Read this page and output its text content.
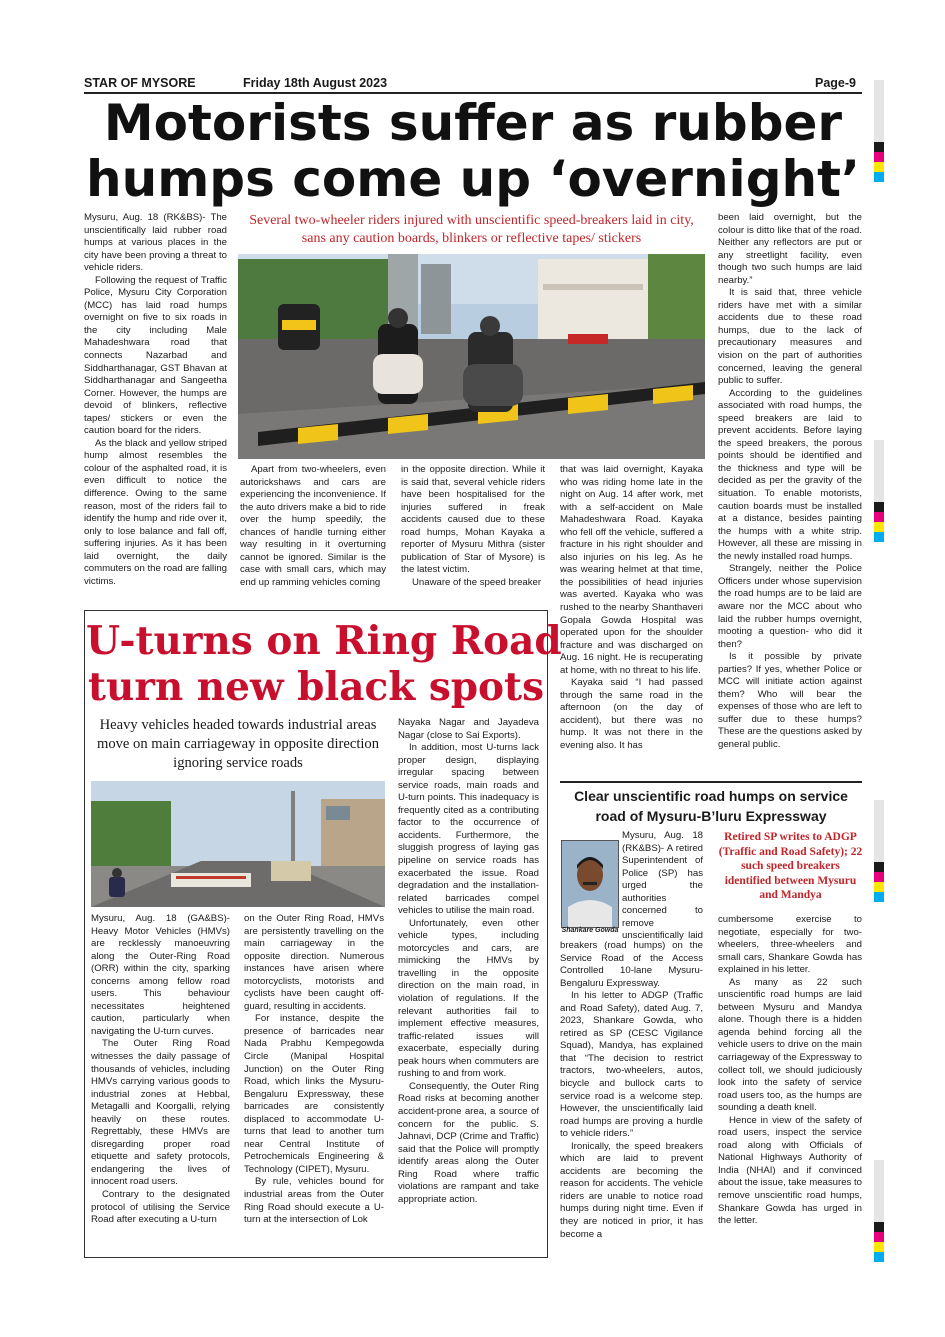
STAR OF MYSORE	Friday 18th August 2023	Page-9
Motorists suffer as rubber
humps come up ‘overnight’

Mysuru, Aug. 18 (RK&BS)- The unscientifically laid rubber road humps at various places in the city have been proving a threat to vehicle riders.

Following the request of Traffic Police, Mysuru City Corporation (MCC) has laid road humps overnight on five to six roads in the city including Male Mahadeshwara road that connects Nazarbad and Siddharthanagar, GST Bhavan at Siddharthanagar and Sangeetha Corner. However, the humps are devoid of blinkers, reflective tapes/ stickers or even the caution board for the riders.

As the black and yellow striped hump almost resembles the colour of the asphalted road, it is even difficult to notice the difference. Owing to the same reason, most of the riders fail to identify the hump and ride over it, only to lose balance and fall off, suffering injuries. As it has been laid overnight, the daily commuters on the road are falling victims.

Several two-wheeler riders injured with unscientific speed-breakers laid in city, sans any caution boards, blinkers or reflective tapes/ stickers

Apart from two-wheelers, even autorickshaws and cars are experiencing the inconvenience. If the auto drivers make a bid to ride over the hump speedily, the chances of handle turning either way resulting in it overturning cannot be ignored. Similar is the case with small cars, which may end up ramming vehicles coming

in the opposite direction. While it is said that, several vehicle riders have been hospitalised for the injuries suffered in freak accidents caused due to these road humps, Mohan Kayaka a reporter of Mysuru Mithra (sister publication of Star of Mysore) is the latest victim.

Unaware of the speed breaker

that was laid overnight, Kayaka who was riding home late in the night on Aug. 14 after work, met with a self-accident on Male Mahadeshwara Road. Kayaka who fell off the vehicle, suffered a fracture in his right shoulder and also injuries on his leg. As he was wearing helmet at that time, the possibilities of head injuries was averted. Kayaka who was rushed to the nearby Shanthaveri Gopala Gowda Hospital was operated upon for the shoulder fracture and was discharged on Aug. 16 night. He is recuperating at home, with no threat to his life.

Kayaka said “I had passed through the same road in the afternoon (on the day of accident), but there was no hump. It was not there in the evening also. It has

been laid overnight, but the colour is ditto like that of the road. Neither any reflectors are put or any streetlight facility, even though two such humps are laid nearby.”

It is said that, three vehicle riders have met with a similar accidents due to these road humps, due to the lack of precautionary measures and vision on the part of authorities concerned, leaving the general public to suffer.

According to the guidelines associated with road humps, the speed breakers are laid to prevent accidents. Before laying the speed breakers, the porous points should be identified and the thickness and type will be decided as per the gravity of the situation. To enable motorists, caution boards must be installed at a distance, besides painting the humps with a white strip. However, all these are missing in the newly installed road humps.

Strangely, neither the Police Officers under whose supervision the road humps are to be laid are aware nor the MCC about who laid the rubber humps overnight, mooting a question- who did it then?

Is it possible by private parties? If yes, whether Police or MCC will initiate action against them? Who will bear the expenses of those who are left to suffer due to these humps? These are the questions asked by general public.

U-turns on Ring Road
turn new black spots
Heavy vehicles headed towards industrial areas move on main carriageway in opposite direction ignoring service roads

Mysuru, Aug. 18 (GA&BS)- Heavy Motor Vehicles (HMVs) are recklessly manoeuvring along the Outer-Ring Road (ORR) within the city, sparking concerns among fellow road users. This behaviour necessitates heightened caution, particularly when navigating the U-turn curves.

The Outer Ring Road witnesses the daily passage of thousands of vehicles, including HMVs carrying various goods to industrial zones at Hebbal, Metagalli and Koorgalli, relying heavily on these routes. Regrettably, these HMVs are disregarding proper road etiquette and safety protocols, endangering the lives of innocent road users.

Contrary to the designated protocol of utilising the Service Road after executing a U-turn

on the Outer Ring Road, HMVs are persistently travelling on the main carriageway in the opposite direction. Numerous instances have arisen where motorcyclists, motorists and cyclists have been caught off-guard, resulting in accidents.

For instance, despite the presence of barricades near Nada Prabhu Kempegowda Circle (Manipal Hospital Junction) on the Outer Ring Road, which links the Mysuru-Bengaluru Expressway, these barricades are consistently displaced to accommodate U-turns that lead to another turn near Central Institute of Petrochemicals Engineering & Technology (CIPET), Mysuru.

By rule, vehicles bound for industrial areas from the Outer Ring Road should execute a U-turn at the intersection of Lok

Nayaka Nagar and Jayadeva Nagar (close to Sai Exports).

In addition, most U-turns lack proper design, displaying irregular spacing between service roads, main roads and U-turn points. This inadequacy is frequently cited as a contributing factor to the occurrence of accidents. Furthermore, the sluggish progress of laying gas pipeline on service roads has exacerbated the issue. Road degradation and the installation-related barricades compel vehicles to utilise the main road.

Unfortunately, even other vehicle types, including motorcycles and cars, are mimicking the HMVs by travelling in the opposite direction on the main road, in violation of regulations. If the relevant authorities fail to implement effective measures, traffic-related issues will exacerbate, especially during peak hours when commuters are rushing to and from work.

Consequently, the Outer Ring Road risks at becoming another accident-prone area, a source of concern for the public. S. Jahnavi, DCP (Crime and Traffic) said that the Police will promptly identify areas along the Outer Ring Road where traffic violations are rampant and take appropriate action.

Clear unscientific road humps on service
road of Mysuru-B’luru Expressway

Mysuru, Aug. 18 (RK&BS)- A retired Superintendent of Police (SP) has urged the authorities concerned to remove unscientifically laid

Shankare Gowda
Retired SP writes to ADGP (Traffic and Road Safety); 22 such speed breakers identified between Mysuru and Mandya

breakers (road humps) on the Service Road of the Access Controlled 10-lane Mysuru-Bengaluru Expressway.

In his letter to ADGP (Traffic and Road Safety), dated Aug. 7, 2023, Shankare Gowda, who retired as SP (CESC Vigilance Squad), Mandya, has explained that “The decision to restrict tractors, two-wheelers, autos, bicycle and bullock carts to service road is a welcome step. However, the unscientifically laid road humps are proving a hurdle to vehicle riders.”

Ironically, the speed breakers which are laid to prevent accidents are becoming the reason for accidents. The vehicle riders are unable to notice road humps during night time. Even if they are noticed in prior, it has become a

cumbersome exercise to negotiate, especially for two-wheelers, three-wheelers and small cars, Shankare Gowda has explained in his letter.

As many as 22 such unscientific road humps are laid between Mysuru and Mandya alone. Though there is a hidden agenda behind forcing all the vehicle users to drive on the main carriageway of the Expressway to collect toll, we should judiciously look into the safety of service road users too, as the humps are sounding a death knell.

Hence in view of the safety of road users, inspect the service road along with Officials of National Highways Authority of India (NHAI) and if convinced about the issue, take measures to remove unscientific road humps, Shankare Gowda has urged in the letter.
